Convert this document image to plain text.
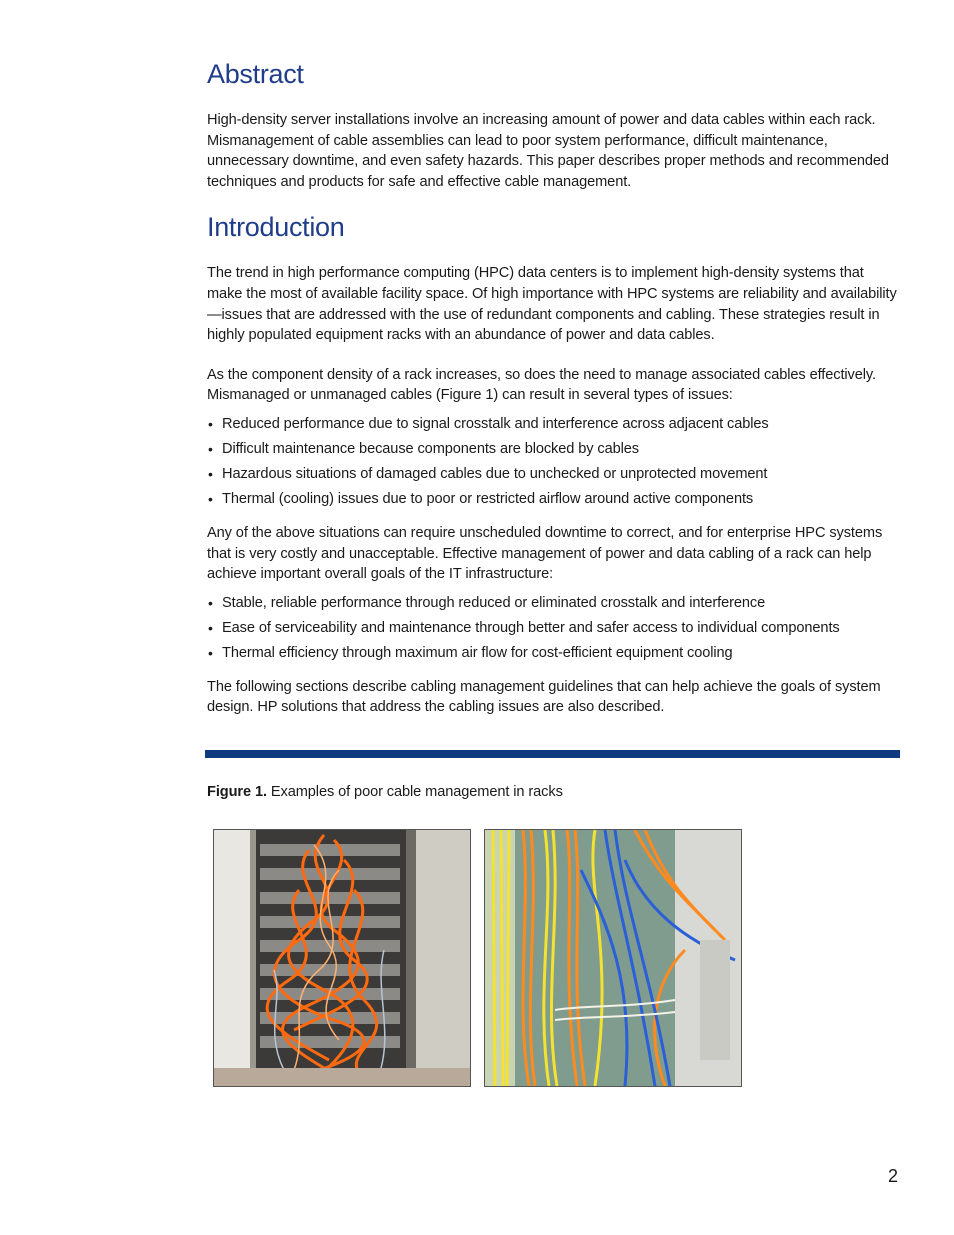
Abstract

High-density server installations involve an increasing amount of power and data cables within each rack. Mismanagement of cable assemblies can lead to poor system performance, difficult maintenance, unnecessary downtime, and even safety hazards. This paper describes proper methods and recommended techniques and products for safe and effective cable management.

Introduction

The trend in high performance computing (HPC) data centers is to implement high-density systems that make the most of available facility space. Of high importance with HPC systems are reliability and availability—issues that are addressed with the use of redundant components and cabling. These strategies result in highly populated equipment racks with an abundance of power and data cables.

As the component density of a rack increases, so does the need to manage associated cables effectively. Mismanaged or unmanaged cables (Figure 1) can result in several types of issues:

• Reduced performance due to signal crosstalk and interference across adjacent cables
• Difficult maintenance because components are blocked by cables
• Hazardous situations of damaged cables due to unchecked or unprotected movement
• Thermal (cooling) issues due to poor or restricted airflow around active components

Any of the above situations can require unscheduled downtime to correct, and for enterprise HPC systems that is very costly and unacceptable. Effective management of power and data cabling of a rack can help achieve important overall goals of the IT infrastructure:

• Stable, reliable performance through reduced or eliminated crosstalk and interference
• Ease of serviceability and maintenance through better and safer access to individual components
• Thermal efficiency through maximum air flow for cost-efficient equipment cooling

The following sections describe cabling management guidelines that can help achieve the goals of system design. HP solutions that address the cabling issues are also described.

Figure 1. Examples of poor cable management in racks
2
